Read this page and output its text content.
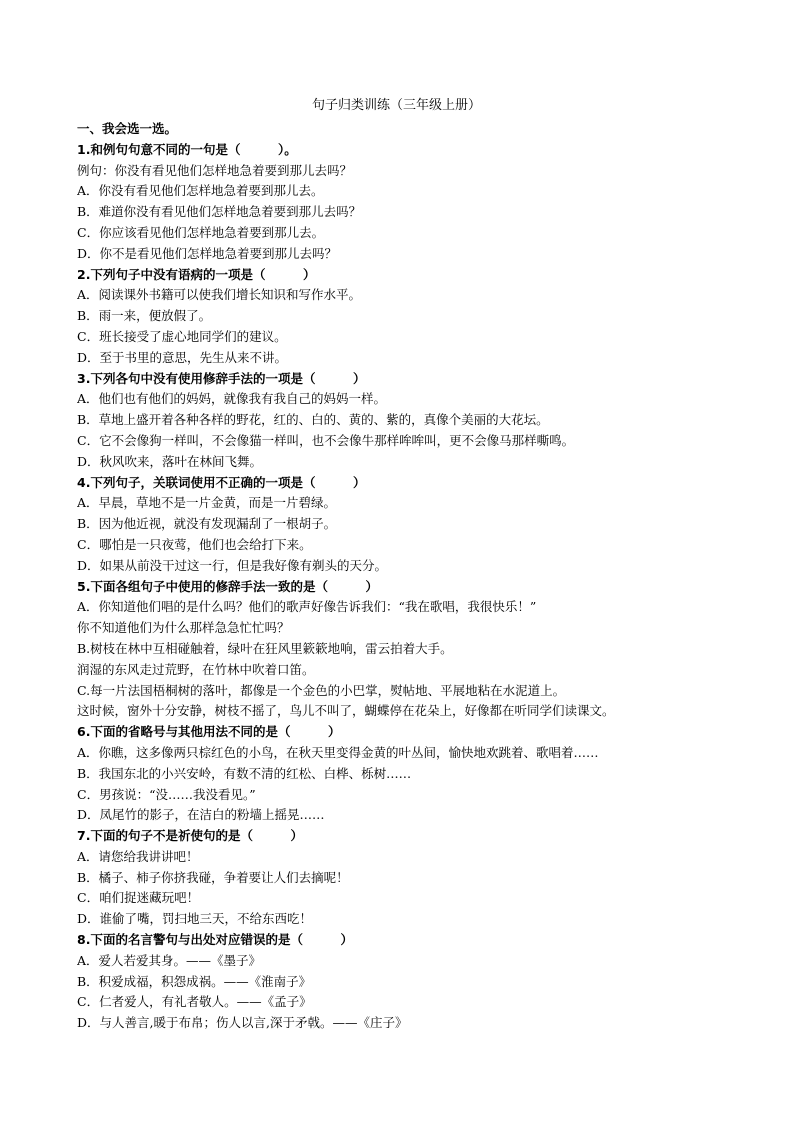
句子归类训练（三年级上册）
一、我会选一选。
1.和例句句意不同的一句是（　　　）。
例句：你没有看见他们怎样地急着要到那儿去吗？
A．你没有看见他们怎样地急着要到那儿去。
B．难道你没有看见他们怎样地急着要到那儿去吗？
C．你应该看见他们怎样地急着要到那儿去。
D．你不是看见他们怎样地急着要到那儿去吗？
2.下列句子中没有语病的一项是（　　　）
A．阅读课外书籍可以使我们增长知识和写作水平。
B．雨一来，便放假了。
C．班长接受了虚心地同学们的建议。
D．至于书里的意思，先生从来不讲。
3.下列各句中没有使用修辞手法的一项是（　　　）
A．他们也有他们的妈妈，就像我有我自己的妈妈一样。
B．草地上盛开着各种各样的野花，红的、白的、黄的、紫的，真像个美丽的大花坛。
C．它不会像狗一样叫，不会像猫一样叫，也不会像牛那样哞哞叫，更不会像马那样嘶鸣。
D．秋风吹来，落叶在林间飞舞。
4.下列句子，关联词使用不正确的一项是（　　　）
A．早晨，草地不是一片金黄，而是一片碧绿。
B．因为他近视，就没有发现漏刮了一根胡子。
C．哪怕是一只夜莺，他们也会给打下来。
D．如果从前没干过这一行，但是我好像有剃头的天分。
5.下面各组句子中使用的修辞手法一致的是（　　　）
A．你知道他们唱的是什么吗？他们的歌声好像告诉我们：“我在歌唱，我很快乐！”
你不知道他们为什么那样急急忙忙吗？
B.树枝在林中互相碰触着，绿叶在狂风里簌簌地响，雷云拍着大手。
润湿的东风走过荒野，在竹林中吹着口笛。
C.每一片法国梧桐树的落叶，都像是一个金色的小巴掌，熨帖地、平展地粘在水泥道上。
这时候，窗外十分安静，树枝不摇了，鸟儿不叫了，蝴蝶停在花朵上，好像都在听同学们读课文。
6.下面的省略号与其他用法不同的是（　　　）
A．你瞧，这多像两只棕红色的小鸟，在秋天里变得金黄的叶丛间，愉快地欢跳着、歌唱着……
B．我国东北的小兴安岭，有数不清的红松、白桦、栎树……
C．男孩说：“没……我没看见。”
D．凤尾竹的影子，在洁白的粉墙上摇晃……
7.下面的句子不是祈使句的是（　　　）
A．请您给我讲讲吧！
B．橘子、柿子你挤我碰，争着要让人们去摘呢！
C．咱们捉迷藏玩吧！
D．谁偷了嘴，罚扫地三天，不给东西吃！
8.下面的名言警句与出处对应错误的是（　　　）
A．爱人若爱其身。——《墨子》
B．积爱成福，积怨成祸。——《淮南子》
C．仁者爱人，有礼者敬人。——《孟子》
D．与人善言,暖于布帛；伤人以言,深于矛戟。——《庄子》
